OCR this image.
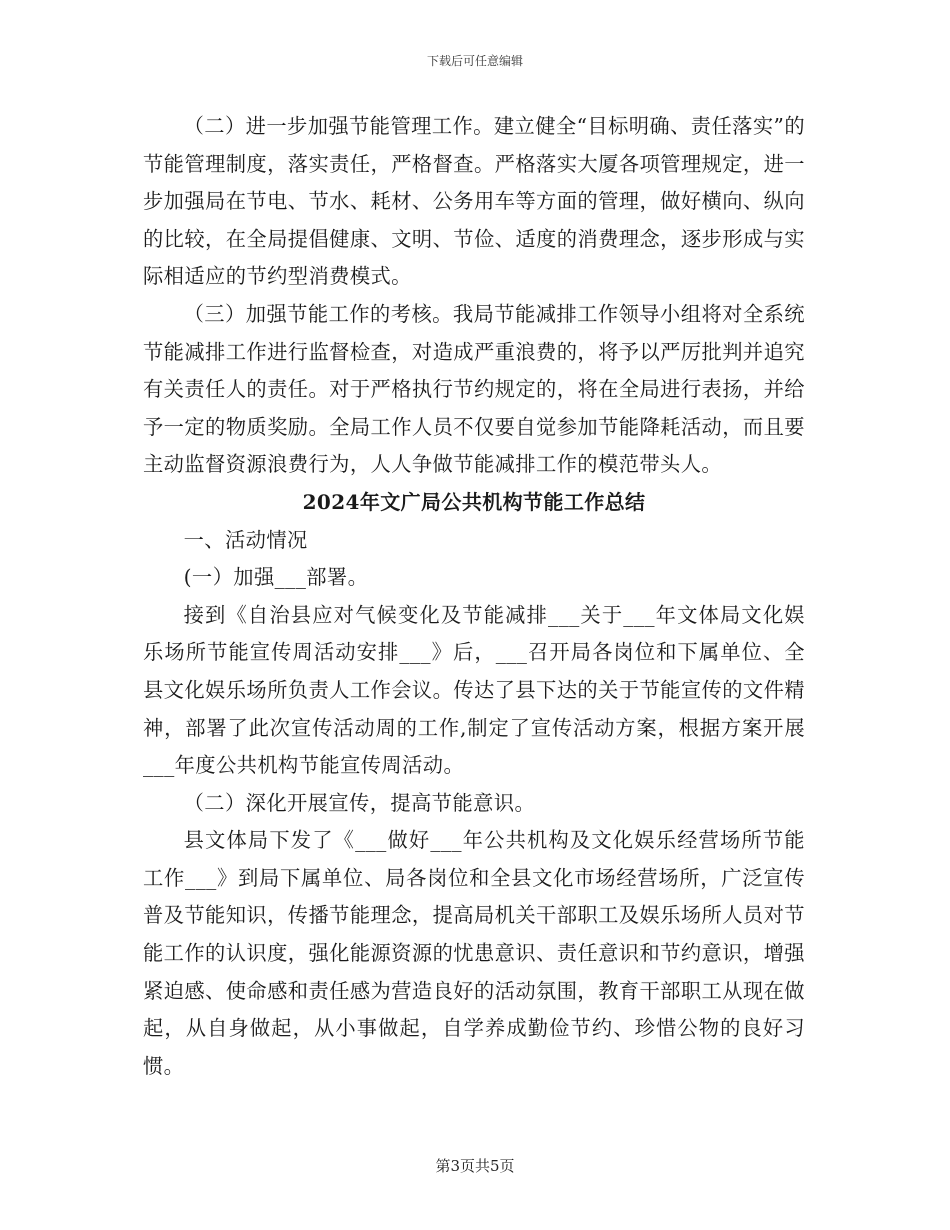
下载后可任意编辑

（二）进一步加强节能管理工作。建立健全“目标明确、责任落实”的节能管理制度，落实责任，严格督查。严格落实大厦各项管理规定，进一步加强局在节电、节水、耗材、公务用车等方面的管理，做好横向、纵向的比较，在全局提倡健康、文明、节俭、适度的消费理念，逐步形成与实际相适应的节约型消费模式。

（三）加强节能工作的考核。我局节能减排工作领导小组将对全系统节能减排工作进行监督检查，对造成严重浪费的，将予以严厉批判并追究有关责任人的责任。对于严格执行节约规定的，将在全局进行表扬，并给予一定的物质奖励。全局工作人员不仅要自觉参加节能降耗活动，而且要主动监督资源浪费行为，人人争做节能减排工作的模范带头人。

2024年文广局公共机构节能工作总结

一、活动情况

(一）加强___部署。

接到《自治县应对气候变化及节能减排___关于___年文体局文化娱乐场所节能宣传周活动安排___》后，___召开局各岗位和下属单位、全县文化娱乐场所负责人工作会议。传达了县下达的关于节能宣传的文件精神，部署了此次宣传活动周的工作,制定了宣传活动方案，根据方案开展___年度公共机构节能宣传周活动。

（二）深化开展宣传，提高节能意识。

县文体局下发了《___做好___年公共机构及文化娱乐经营场所节能工作___》到局下属单位、局各岗位和全县文化市场经营场所，广泛宣传普及节能知识，传播节能理念，提高局机关干部职工及娱乐场所人员对节能工作的认识度，强化能源资源的忧患意识、责任意识和节约意识，增强紧迫感、使命感和责任感为营造良好的活动氛围，教育干部职工从现在做起，从自身做起，从小事做起，自学养成勤俭节约、珍惜公物的良好习惯。

第3页共5页
